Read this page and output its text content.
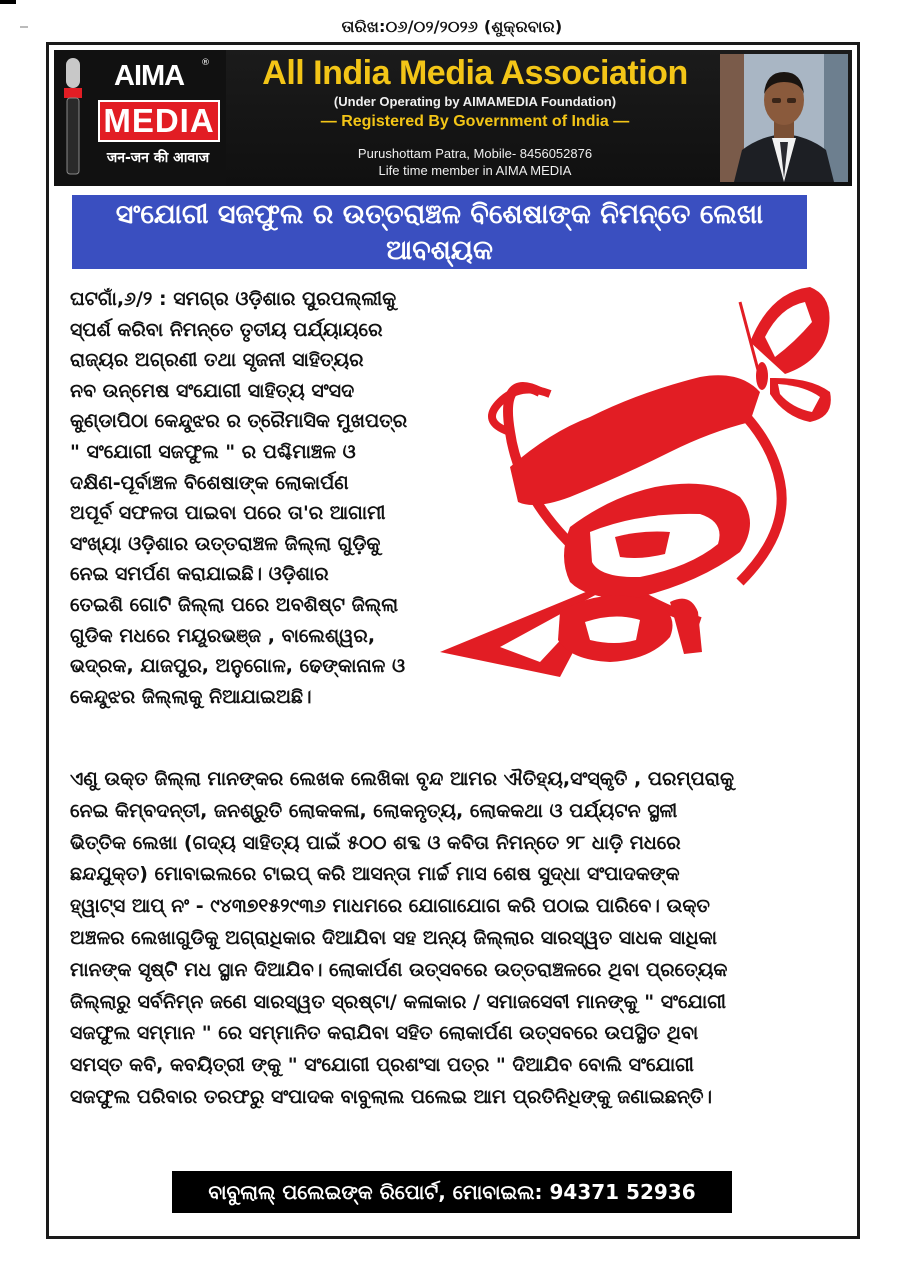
ତାରିଖ:୦୬/୦୨/୨୦୨୬ (ଶୁକ୍ରବାର)
AIMA ®
MEDIA
जन-जन की आवाज
All India Media Association
(Under Operating by AIMAMEDIA Foundation)
— Registered By Government of India —
Purushottam Patra, Mobile- 8456052876
Life time member in AIMA MEDIA
ସଂଯୋଗୀ ସଜଫୁଲ ର ଉତ୍ତରାଞ୍ଚଳ ବିଶେଷାଙ୍କ ନିମନ୍ତେ ଲେଖା ଆବଶ୍ୟକ
ଘଟଗାଁ,୬/୨ : ସମଗ୍ର ଓଡ଼ିଶାର ପୁରପଲ୍ଲୀକୁ
ସ୍ପର୍ଶ କରିବା ନିମନ୍ତେ ତୃତୀୟ ପର୍ଯ୍ୟାୟରେ
ରାଜ୍ୟର ଅଗ୍ରଣୀ ତଥା ସୃଜନୀ ସାହିତ୍ୟର
ନବ ଉନ୍ମେଷ ସଂଯୋଗୀ ସାହିତ୍ୟ ସଂସଦ
କୁଣ୍ଡାପିଠା କେନ୍ଦୁଝର ର ତ୍ରୈମାସିକ ମୁଖପତ୍ର
" ସଂଯୋଗୀ ସଜଫୁଲ " ର ପଶ୍ଚିମାଞ୍ଚଳ ଓ
ଦକ୍ଷିଣ-ପୂର୍ବାଞ୍ଚଳ ବିଶେଷାଙ୍କ ଲୋକାର୍ପଣ
ଅପୂର୍ବ ସଫଳତା ପାଇବା ପରେ ତା'ର ଆଗାମୀ
ସଂଖ୍ୟା ଓଡ଼ିଶାର ଉତ୍ତରାଞ୍ଚଳ ଜିଲ୍ଲା ଗୁଡ଼ିକୁ
ନେଇ ସମର୍ପଣ କରାଯାଇଛି। ଓଡ଼ିଶାର
ତେଇଶି ଗୋଟି ଜିଲ୍ଲା ପରେ ଅବଶିଷ୍ଟ ଜିଲ୍ଲା
ଗୁଡିକ ମଧରେ ମୟୂରଭଞ୍ଜ , ବାଲେଶ୍ୱର,
ଭଦ୍ରକ, ଯାଜପୁର, ଅନୁଗୋଳ, ଢେଙ୍କାନାଳ ଓ
କେନ୍ଦୁଝର ଜିଲ୍ଲାକୁ ନିଆଯାଇଅଛି।
ଏଣୁ ଉକ୍ତ ଜିଲ୍ଲା ମାନଙ୍କର ଲେଖକ ଲେଖିକା ବୃନ୍ଦ ଆମର ଐତିହ୍ୟ,ସଂସ୍କୃତି , ପରମ୍ପରାକୁ
ନେଇ କିମ୍ବଦନ୍ତୀ, ଜନଶ୍ରୁତି ଲୋକକଳା, ଲୋକନୃତ୍ୟ, ଲୋକକଥା ଓ ପର୍ଯ୍ୟଟନ ସ୍ଥଳୀ
ଭିତ୍ତିକ ଲେଖା (ଗଦ୍ୟ ସାହିତ୍ୟ ପାଇଁ ୫୦୦ ଶବ୍ଦ ଓ କବିତା ନିମନ୍ତେ ୨୮ ଧାଡ଼ି ମଧରେ
ଛନ୍ଦଯୁକ୍ତ) ମୋବାଇଲରେ ଟାଇପ୍ କରି ଆସନ୍ତା ମାର୍ଚ୍ଚ ମାସ ଶେଷ ସୁଦ୍ଧା ସଂପାଦକଙ୍କ
ହ୍ୱାଟ୍ସ ଆପ୍ ନଂ - ୯୪୩୭୧୫୨୯୩୬ ମାଧମରେ ଯୋଗାଯୋଗ କରି ପଠାଇ ପାରିବେ। ଉକ୍ତ
ଅଞ୍ଚଳର ଲେଖାଗୁଡିକୁ ଅଗ୍ରାଧିକାର ଦିଆଯିବା ସହ ଅନ୍ୟ ଜିଲ୍ଲାର ସାରସ୍ୱତ ସାଧକ ସାଧିକା
ମାନଙ୍କ ସୃଷ୍ଟି ମଧ ସ୍ଥାନ ଦିଆଯିବ। ଲୋକାର୍ପଣ ଉତ୍ସବରେ ଉତ୍ତରାଞ୍ଚଳରେ ଥିବା ପ୍ରତ୍ୟେକ
ଜିଲ୍ଲାରୁ ସର୍ବନିମ୍ନ ଜଣେ ସାରସ୍ୱତ ସ୍ରଷ୍ଟା/ କଳାକାର / ସମାଜସେବୀ ମାନଙ୍କୁ " ସଂଯୋଗୀ
ସଜଫୁଲ ସମ୍ମାନ " ରେ ସମ୍ମାନିତ କରାଯିବା ସହିତ ଲୋକାର୍ପଣ ଉତ୍ସବରେ ଉପସ୍ଥିତ ଥିବା
ସମସ୍ତ କବି, କବୟିତ୍ରୀ ଙ୍କୁ " ସଂଯୋଗୀ ପ୍ରଶଂସା ପତ୍ର " ଦିଆଯିବ ବୋଲି ସଂଯୋଗୀ
ସଜଫୁଲ ପରିବାର ତରଫରୁ ସଂପାଦକ ବାବୁଲାଲ ପଲେଇ ଆମ ପ୍ରତିନିଧିଙ୍କୁ ଜଣାଇଛନ୍ତି।
ବାବୁଲାଲ୍ ପଲେଇଙ୍କ ରିପୋର୍ଟ, ମୋବାଇଲ: 94371 52936
